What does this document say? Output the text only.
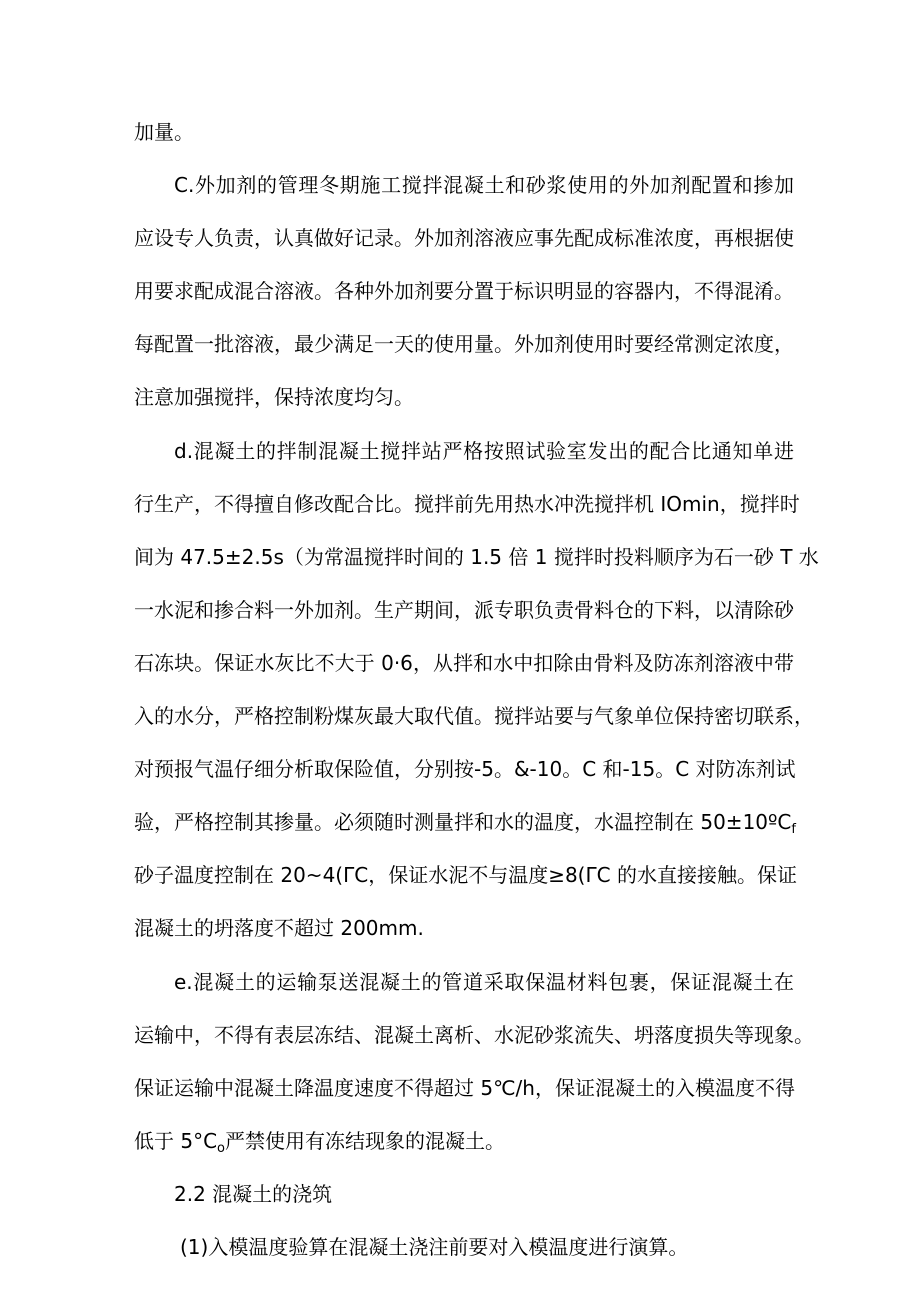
加量。
C.外加剂的管理冬期施工搅拌混凝土和砂浆使用的外加剂配置和掺加
应设专人负责，认真做好记录。外加剂溶液应事先配成标准浓度，再根据使
用要求配成混合溶液。各种外加剂要分置于标识明显的容器内，不得混淆。
每配置一批溶液，最少满足一天的使用量。外加剂使用时要经常测定浓度，
注意加强搅拌，保持浓度均匀。
d.混凝土的拌制混凝土搅拌站严格按照试验室发出的配合比通知单进
行生产，不得擅自修改配合比。搅拌前先用热水冲洗搅拌机 IOmin，搅拌时
间为 47.5±2.5s（为常温搅拌时间的 1.5 倍 1 搅拌时投料顺序为石一砂 T 水
一水泥和掺合料一外加剂。生产期间，派专职负责骨料仓的下料，以清除砂
石冻块。保证水灰比不大于 0·6，从拌和水中扣除由骨料及防冻剂溶液中带
入的水分，严格控制粉煤灰最大取代值。搅拌站要与气象单位保持密切联系，
对预报气温仔细分析取保险值，分别按-5。&-10。C 和-15。C 对防冻剂试
验，严格控制其掺量。必须随时测量拌和水的温度，水温控制在 50±10ºC$_f$
砂子温度控制在 20~4(ΓC，保证水泥不与温度≥8(ΓC 的水直接接触。保证
混凝土的坍落度不超过 200mm.
e.混凝土的运输泵送混凝土的管道采取保温材料包裹，保证混凝土在
运输中，不得有表层冻结、混凝土离析、水泥砂浆流失、坍落度损失等现象。
保证运输中混凝土降温度速度不得超过 5℃/h，保证混凝土的入模温度不得
低于 $5^\circ C_o$严禁使用有冻结现象的混凝土。
2.2 混凝土的浇筑
(1)入模温度验算在混凝土浇注前要对入模温度进行演算。
